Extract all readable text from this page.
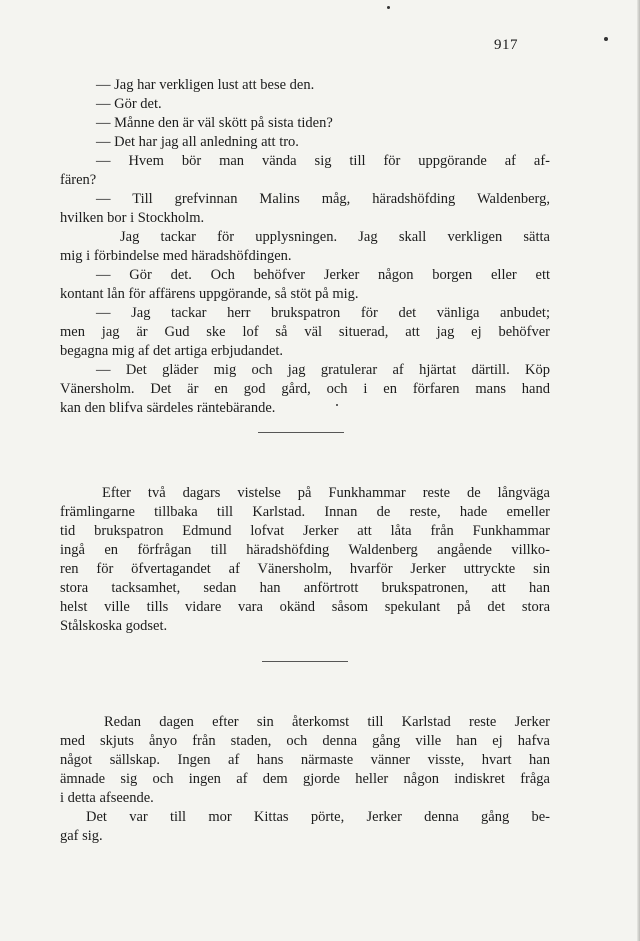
917
— Jag har verkligen lust att bese den.
— Gör det.
— Månne den är väl skött på sista tiden?
— Det har jag all anledning att tro.
— Hvem bör man vända sig till för uppgörande af af-
fären?
— Till grefvinnan Malins måg, häradshöfding Waldenberg,
hvilken bor i Stockholm.
Jag tackar för upplysningen. Jag skall verkligen sätta
mig i förbindelse med häradshöfdingen.
— Gör det. Och behöfver Jerker någon borgen eller ett
kontant lån för affärens uppgörande, så stöt på mig.
— Jag tackar herr brukspatron för det vänliga anbudet;
men jag är Gud ske lof så väl situerad, att jag ej behöfver
begagna mig af det artiga erbjudandet.
— Det gläder mig och jag gratulerar af hjärtat därtill. Köp
Vänersholm. Det är en god gård, och i en förfaren mans hand
kan den blifva särdeles räntebärande.
Efter två dagars vistelse på Funkhammar reste de långväga
främlingarne tillbaka till Karlstad. Innan de reste, hade emeller
tid brukspatron Edmund lofvat Jerker att låta från Funkhammar
ingå en förfrågan till häradshöfding Waldenberg angående villko-
ren för öfvertagandet af Vänersholm, hvarför Jerker uttryckte sin
stora tacksamhet, sedan han anförtrott brukspatronen, att han
helst ville tills vidare vara okänd såsom spekulant på det stora
Stålskoska godset.
Redan dagen efter sin återkomst till Karlstad reste Jerker
med skjuts ånyo från staden, och denna gång ville han ej hafva
något sällskap. Ingen af hans närmaste vänner visste, hvart han
ämnade sig och ingen af dem gjorde heller någon indiskret fråga
i detta afseende.
Det var till mor Kittas pörte, Jerker denna gång be-
gaf sig.
